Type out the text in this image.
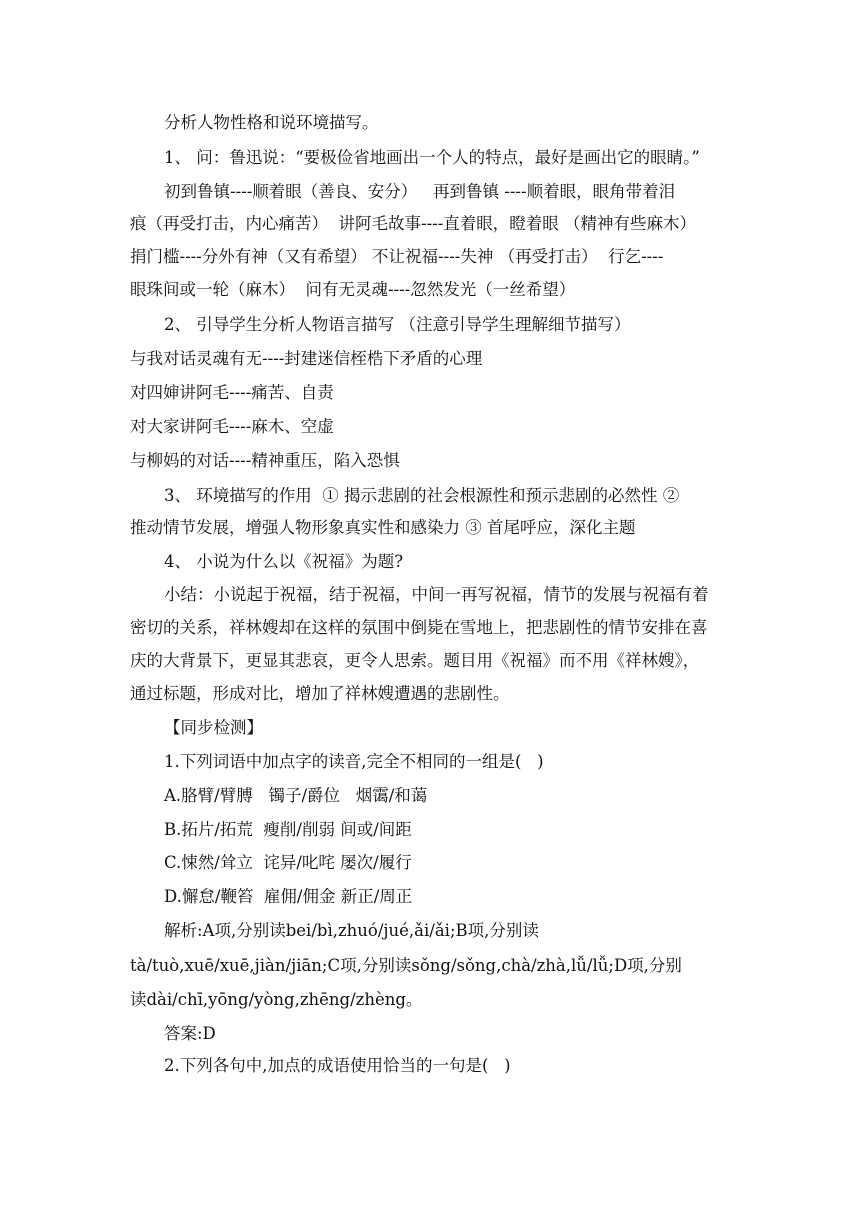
分析人物性格和说环境描写。
1、 问：鲁迅说：“要极俭省地画出一个人的特点，最好是画出它的眼睛。”
初到鲁镇----顺着眼（善良、安分）   再到鲁镇 ----顺着眼，眼角带着泪
痕（再受打击，内心痛苦）  讲阿毛故事----直着眼，瞪着眼 （精神有些麻木）
捐门槛----分外有神（又有希望） 不让祝福----失神 （再受打击）  行乞----
眼珠间或一轮（麻木）  问有无灵魂----忽然发光（一丝希望）
2、 引导学生分析人物语言描写 （注意引导学生理解细节描写）
与我对话灵魂有无----封建迷信桎梏下矛盾的心理
对四婶讲阿毛----痛苦、自责
对大家讲阿毛----麻木、空虚
与柳妈的对话----精神重压，陷入恐惧
3、 环境描写的作用  ① 揭示悲剧的社会根源性和预示悲剧的必然性 ②
推动情节发展，增强人物形象真实性和感染力 ③ 首尾呼应，深化主题
4、 小说为什么以《祝福》为题?
小结：小说起于祝福，结于祝福，中间一再写祝福，情节的发展与祝福有着
密切的关系，祥林嫂却在这样的氛围中倒毙在雪地上，把悲剧性的情节安排在喜
庆的大背景下，更显其悲哀，更令人思索。题目用《祝福》而不用《祥林嫂》，
通过标题，形成对比，增加了祥林嫂遭遇的悲剧性。
【同步检测】
1.下列词语中加点字的读音,完全不相同的一组是(   )
A.胳臂/臂膊   镯子/爵位   烟霭/和蔼
B.拓片/拓荒  瘦削/削弱 间或/间距
C.悚然/耸立  诧异/叱咤 屡次/履行
D.懈怠/鞭笞  雇佣/佣金 新正/周正
解析:A项,分别读bei/bì,zhuó/jué,ǎi/ǎi;B项,分别读
tà/tuò,xuē/xuē,jiàn/jiān;C项,分别读sǒng/sǒng,chà/zhà,lǚ/lǚ;D项,分别
读dài/chī,yōng/yòng,zhēng/zhèng。
答案:D
2.下列各句中,加点的成语使用恰当的一句是(   )
